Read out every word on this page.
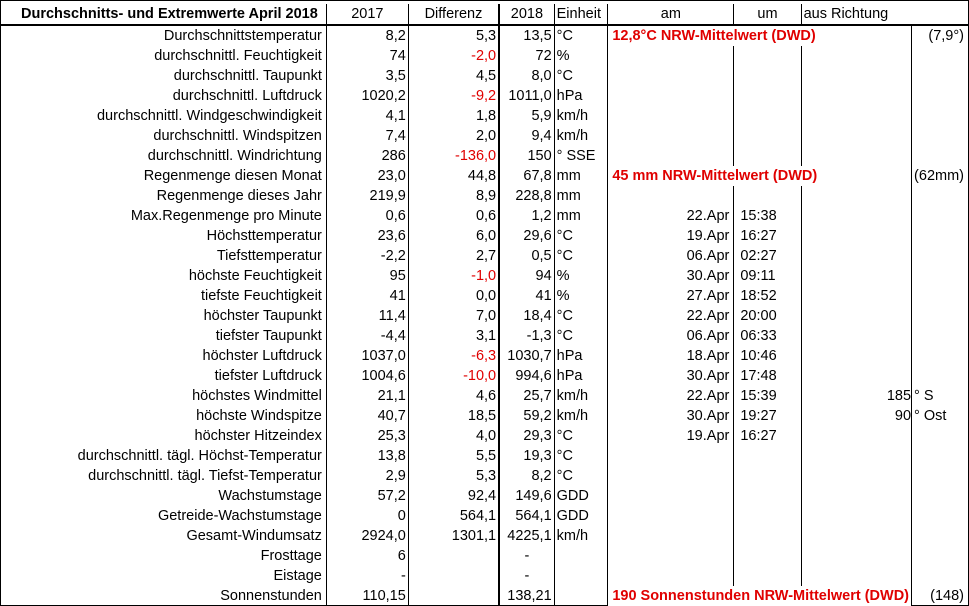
Durchschnitts- und Extremwerte April 2018	2017	Differenz	2018	Einheit	am	um	aus Richtung	
Durchschnittstemperatur	8,2	5,3	13,5	°C	12,8°C NRW-Mittelwert (DWD)			(7,9°)
durchschnittl. Feuchtigkeit	74	-2,0	72	%				
durchschnittl. Taupunkt	3,5	4,5	8,0	°C				
durchschnittl. Luftdruck	1020,2	-9,2	1011,0	hPa				
durchschnittl. Windgeschwindigkeit	4,1	1,8	5,9	km/h				
durchschnittl. Windspitzen	7,4	2,0	9,4	km/h				
durchschnittl. Windrichtung	286	-136,0	150	° SSE				
Regenmenge diesen Monat	23,0	44,8	67,8	mm	45 mm NRW-Mittelwert (DWD)			(62mm)
Regenmenge dieses Jahr	219,9	8,9	228,8	mm				
Max.Regenmenge pro Minute	0,6	0,6	1,2	mm	22.Apr	15:38		
Höchsttemperatur	23,6	6,0	29,6	°C	19.Apr	16:27		
Tiefsttemperatur	-2,2	2,7	0,5	°C	06.Apr	02:27		
höchste Feuchtigkeit	95	-1,0	94	%	30.Apr	09:11		
tiefste Feuchtigkeit	41	0,0	41	%	27.Apr	18:52		
höchster Taupunkt	11,4	7,0	18,4	°C	22.Apr	20:00		
tiefster Taupunkt	-4,4	3,1	-1,3	°C	06.Apr	06:33		
höchster Luftdruck	1037,0	-6,3	1030,7	hPa	18.Apr	10:46		
tiefster Luftdruck	1004,6	-10,0	994,6	hPa	30.Apr	17:48		
höchstes Windmittel	21,1	4,6	25,7	km/h	22.Apr	15:39	185	° S
höchste Windspitze	40,7	18,5	59,2	km/h	30.Apr	19:27	90	° Ost
höchster Hitzeindex	25,3	4,0	29,3	°C	19.Apr	16:27		
durchschnittl. tägl. Höchst-Temperatur	13,8	5,5	19,3	°C				
durchschnittl. tägl. Tiefst-Temperatur	2,9	5,3	8,2	°C				
Wachstumstage	57,2	92,4	149,6	GDD				
Getreide-Wachstumstage	0	564,1	564,1	GDD				
Gesamt-Windumsatz	2924,0	1301,1	4225,1	km/h				
Frosttage	6		-					
Eistage	-		-					
Sonnenstunden	110,15		138,21		190 Sonnenstunden NRW-Mittelwert (DWD)			(148)
